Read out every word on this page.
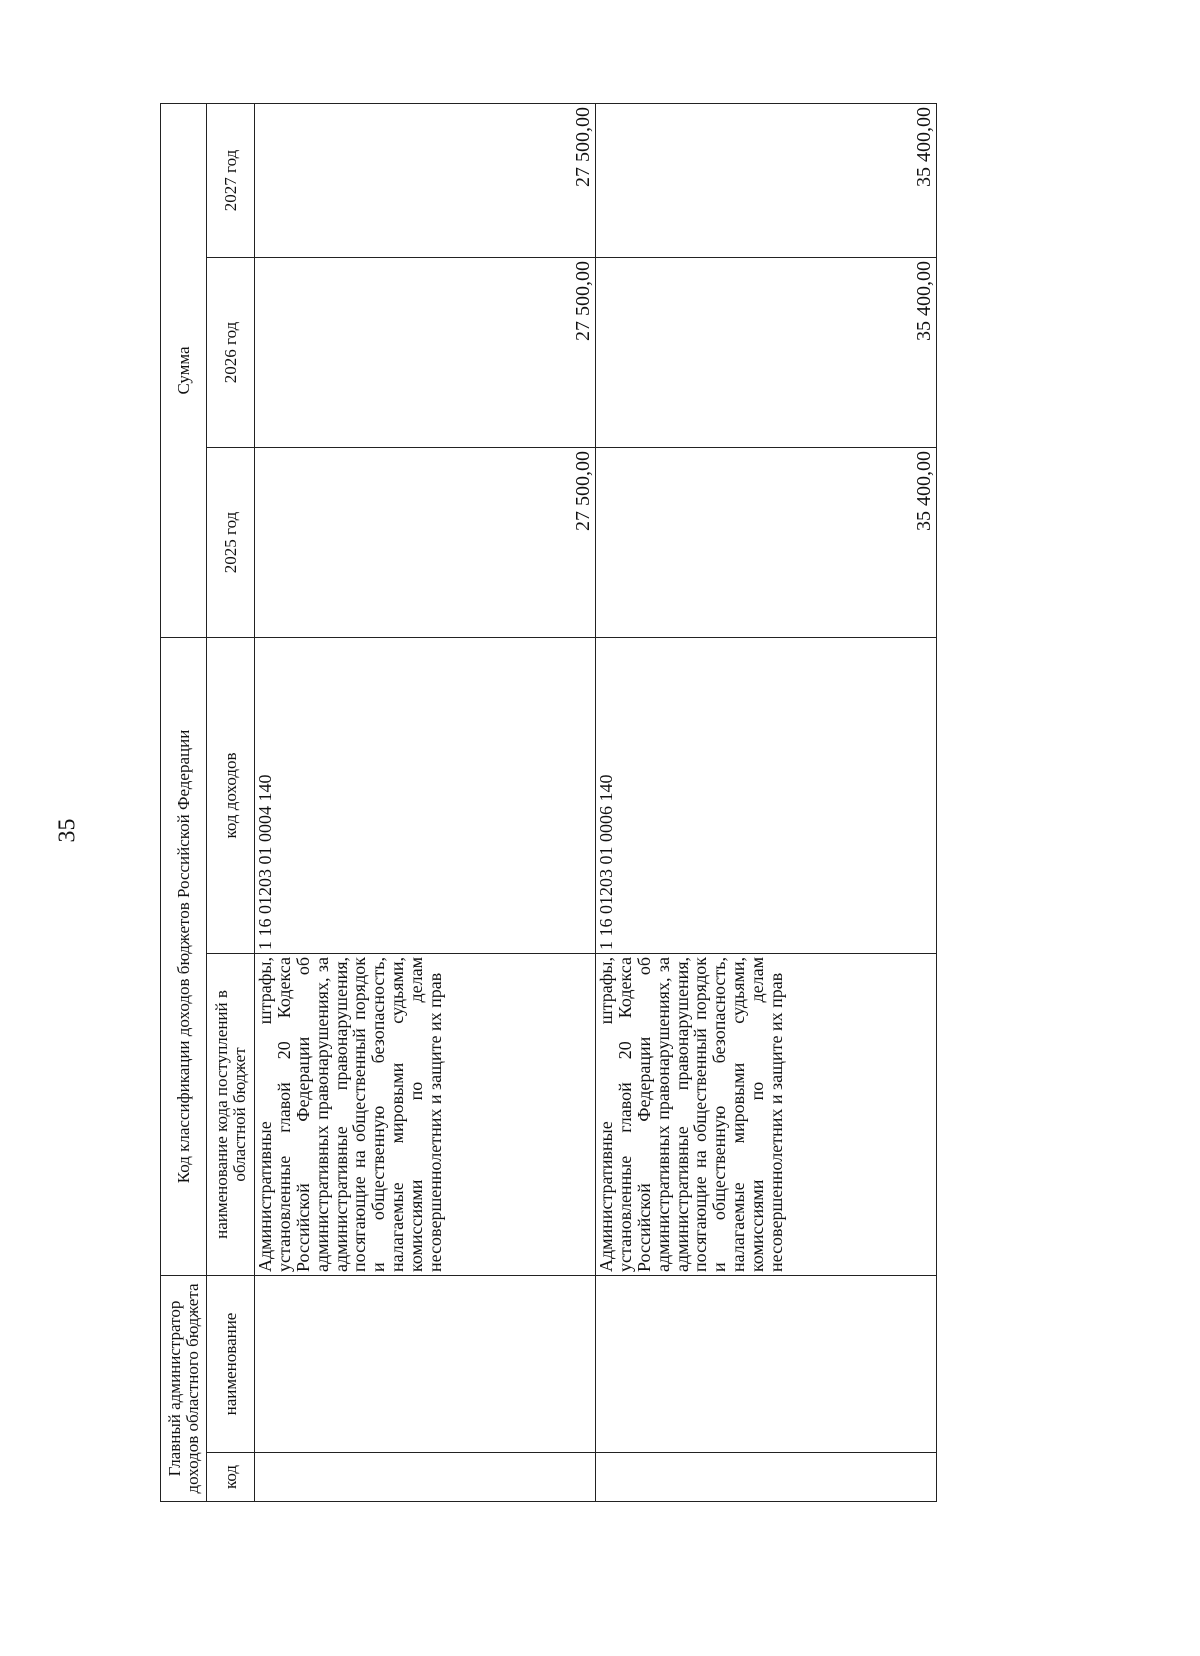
35
Главный администратор доходов областного бюджета		Код классификации доходов бюджетов Российской Федерации		Сумма		
код	наименование	наименование кода поступлений в областной бюджет	код доходов	2025 год	2026 год	2027 год
		Административные штрафы, установленные главой 20 Кодекса Российской Федерации об административных правонарушениях, за административные правонарушения, посягающие на общественный порядок и общественную безопасность, налагаемые мировыми судьями, комиссиями по делам несовершеннолетних и защите их прав	1 16 01203 01 0004 140	27 500,00	27 500,00	27 500,00
		Административные штрафы, установленные главой 20 Кодекса Российской Федерации об административных правонарушениях, за административные правонарушения, посягающие на общественный порядок и общественную безопасность, налагаемые мировыми судьями, комиссиями по делам несовершеннолетних и защите их прав	1 16 01203 01 0006 140	35 400,00	35 400,00	35 400,00
